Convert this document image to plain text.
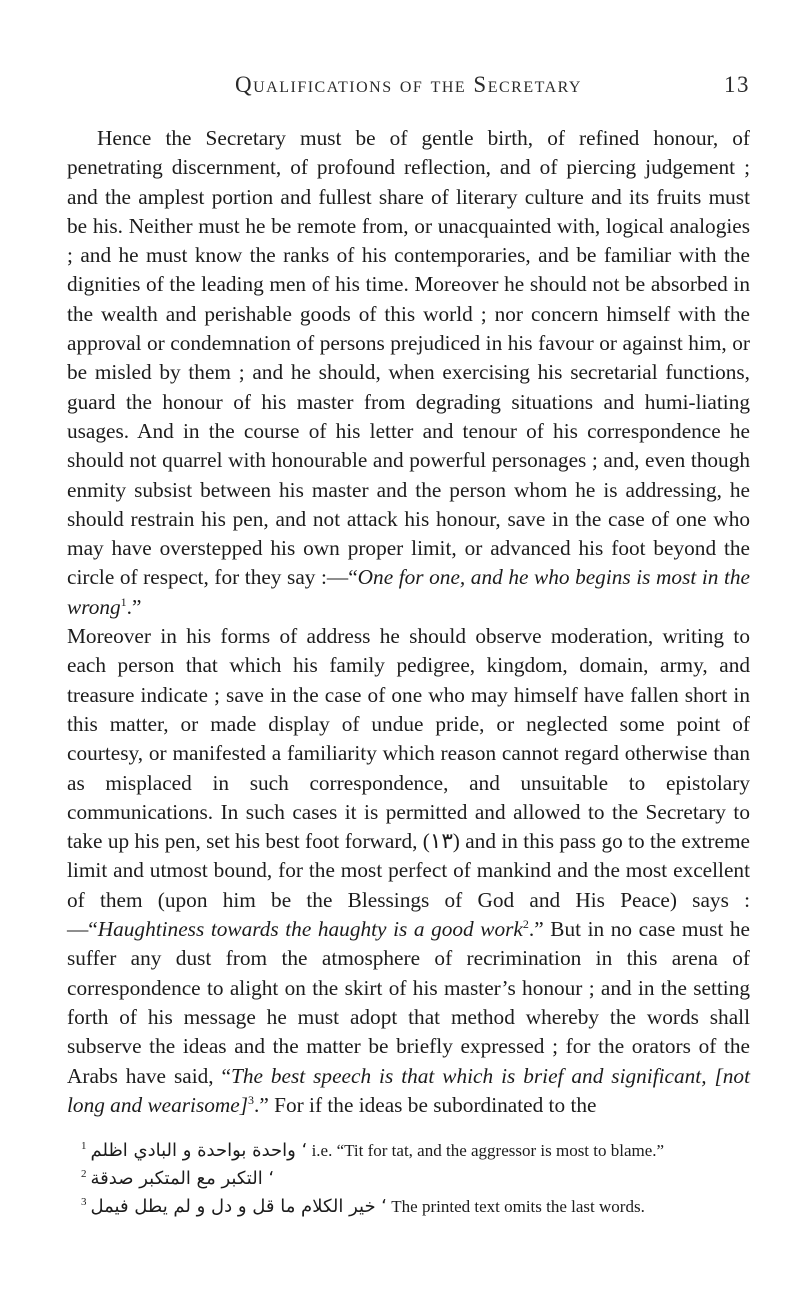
Qualifications of the Secretary	13

Hence the Secretary must be of gentle birth, of refined honour, of penetrating discernment, of profound reflection, and of piercing judgement ; and the amplest portion and fullest share of literary culture and its fruits must be his. Neither must he be remote from, or unacquainted with, logical analogies ; and he must know the ranks of his contemporaries, and be familiar with the dignities of the leading men of his time. Moreover he should not be absorbed in the wealth and perishable goods of this world ; nor concern himself with the approval or condemnation of persons prejudiced in his favour or against him, or be misled by them ; and he should, when exercising his secretarial functions, guard the honour of his master from degrading situations and humi-liating usages. And in the course of his letter and tenour of his correspondence he should not quarrel with honourable and powerful personages ; and, even though enmity subsist between his master and the person whom he is addressing, he should restrain his pen, and not attack his honour, save in the case of one who may have overstepped his own proper limit, or advanced his foot beyond the circle of respect, for they say :—“One for one, and he who begins is most in the wrong$^1$.”

Moreover in his forms of address he should observe moderation, writing to each person that which his family pedigree, kingdom, domain, army, and treasure indicate ; save in the case of one who may himself have fallen short in this matter, or made display of undue pride, or neglected some point of courtesy, or manifested a familiarity which reason cannot regard otherwise than as misplaced in such correspondence, and unsuitable to epistolary communications. In such cases it is permitted and allowed to the Secretary to take up his pen, set his best foot forward, (١٣) and in this pass go to the extreme limit and utmost bound, for the most perfect of mankind and the most excellent of them (upon him be the Blessings of God and His Peace) says :—“Haughtiness towards the haughty is a good work$^2$.” But in no case must he suffer any dust from the atmosphere of recrimination in this arena of correspondence to alight on the skirt of his master’s honour ; and in the setting forth of his message he must adopt that method whereby the words shall subserve the ideas and the matter be briefly expressed ; for the orators of the Arabs have said, “The best speech is that which is brief and significant, [not long and wearisome]$^3$.” For if the ideas be subordinated to the

$^1$ ‘ واحدة بواحدة و البادي اظلم i.e. “Tit for tat, and the aggressor is most to blame.”

$^2$ ‘ التكبر مع المتكبر صدقة

$^3$ ‘ خير الكلام ما قل و دل و لم يطل فيمل The printed text omits the last words.
